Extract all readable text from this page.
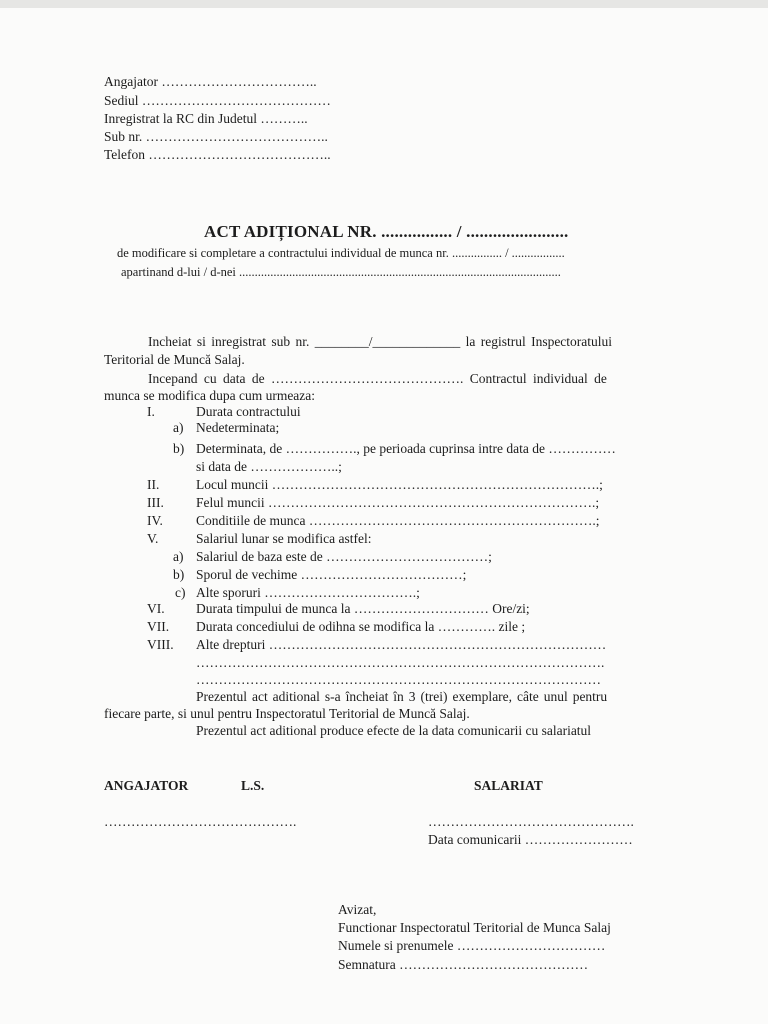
Angajator ……………………………..
Sediul ……………………………………
Inregistrat la RC din Judetul ………..
Sub nr. …………………………………..
Telefon …………………………………..
ACT ADIȚIONAL NR. ................ / .......................
de modificare si completare a contractului individual de munca nr. ................ / .................
apartinand d-lui / d-nei .......................................................................................................
Incheiat si inregistrat sub nr. ________/_____________ la registrul Inspectoratului
Teritorial de Muncă Salaj.
Incepand cu data de ……………………………………. Contractul individual de
munca se modifica dupa cum urmeaza:
I.	Durata contractului
a) Nedeterminata;
b) Determinata, de ……………., pe perioada cuprinsa intre data de ……………
si data de ………………..;
II.	Locul muncii ……………………………………………………………….;
III. Felul muncii ……………………………………………………………….;
IV. Conditiile de munca ……………………………………………………….;
V.	Salariul lunar se modifica astfel:
a) Salariul de baza este de ………………………………;
b) Sporul de vechime ………………………………;
c) Alte sporuri …………………………….;
VI. Durata timpului de munca la ………………………… Ore/zi;
VII. Durata concediului de odihna se modifica la …………. zile ;
VIII. Alte drepturi …………………………………………………………………
……………………………………………………………………………….
………………………………………………………………………………
Prezentul act aditional s-a încheiat în 3 (trei) exemplare, câte unul pentru
fiecare parte, si unul pentru Inspectoratul Teritorial de Muncă Salaj.
Prezentul act aditional produce efecte de la data comunicarii cu salariatul
ANGAJATOR	L.S.	SALARIAT
…………………………………….	……………………………………….
Data comunicarii ……………………
Avizat,
Functionar Inspectoratul Teritorial de Munca Salaj
Numele si prenumele ……………………………
Semnatura ……………………………………
